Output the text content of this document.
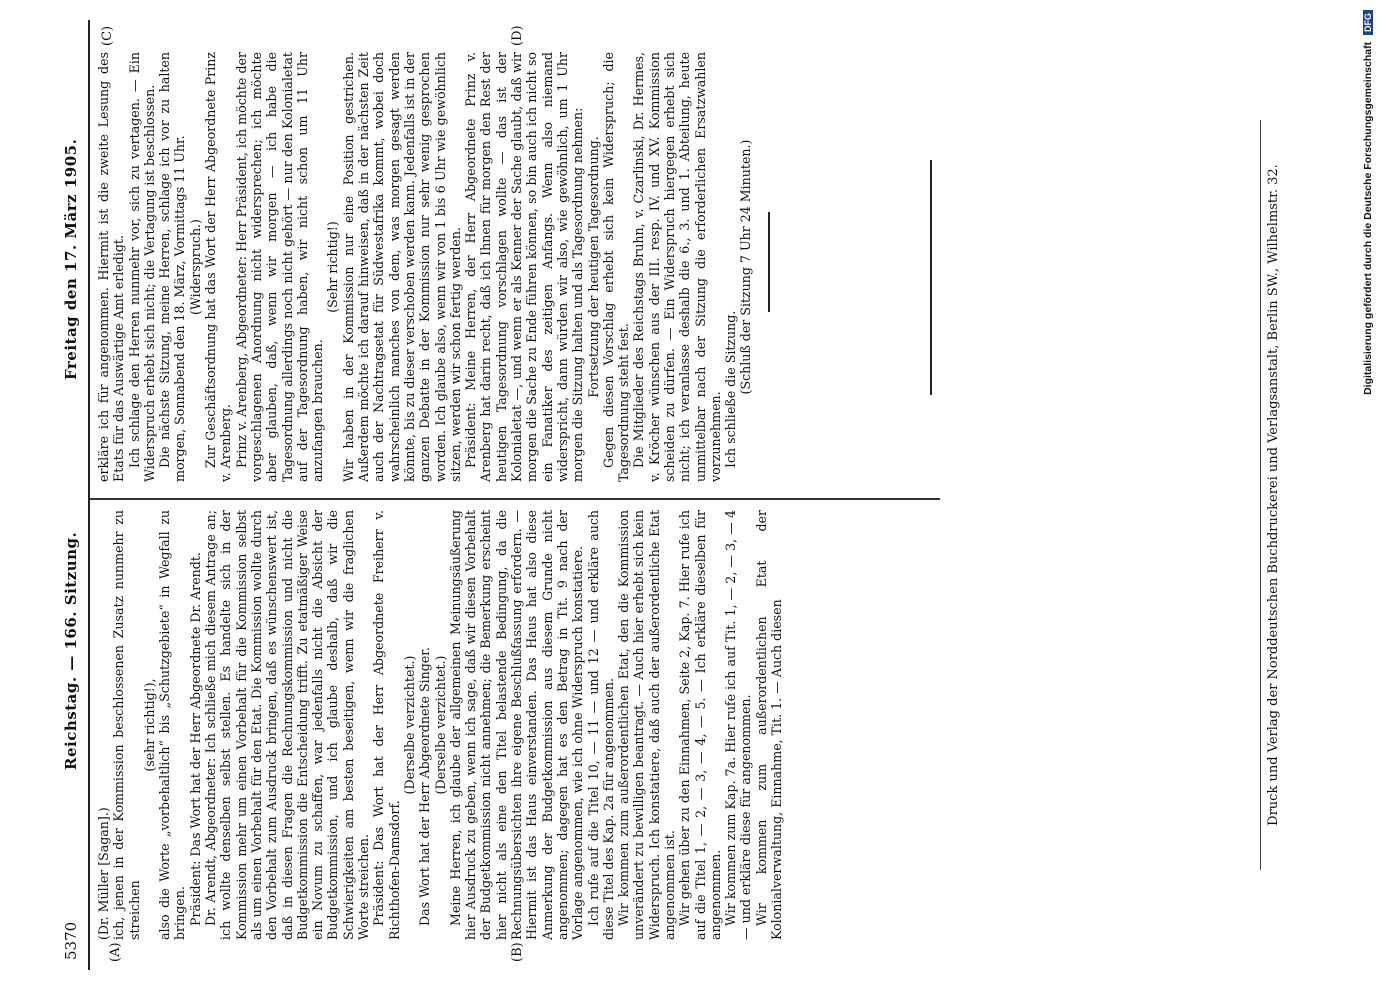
5370
Reichstag. — 166. Sitzung.
Freitag den 17. März 1905.
(A)	(B)
(C)	(D)

(Dr. Müller [Sagan].) ich, jenen in der Kommission beschlossenen Zusatz nunmehr zu streichen

(sehr richtig!), also die Worte „vorbehaltlich“ bis „Schutzgebiete“ in Wegfall zu bringen. Präsident: Das Wort hat der Herr Abgeordnete Dr. Arendt. Dr. Arendt, Abgeordneter: Ich schließe mich diesem Antrage an; ich wollte denselben selbst stellen. Es handelte sich in der Kommission mehr um einen Vorbehalt für die Kommission selbst als um einen Vorbehalt für den Etat. Die Kommission wollte durch den Vorbehalt zum Ausdruck bringen, daß es wünschenswert ist, daß in diesen Fragen die Rechnungskommission und nicht die Budgetkommission die Entscheidung trifft. Zu etatmäßiger Weise ein Novum zu schaffen, war jedenfalls nicht die Absicht der Budgetkommission, und ich glaube deshalb, daß wir die Schwierigkeiten am besten beseitigen, wenn wir die fraglichen Worte streichen. Präsident: Das Wort hat der Herr Abgeordnete Freiherr v. Richthofen-Damsdorf.

(Derselbe verzichtet.) Das Wort hat der Herr Abgeordnete Singer. (Derselbe verzichtet.) Meine Herren, ich glaube der allgemeinen Meinungsäußerung hier Ausdruck zu geben, wenn ich sage, daß wir diesen Vorbehalt der Budgetkommission nicht annehmen; die Bemerkung erscheint hier nicht als eine den Titel belastende Bedingung, da die Rechnungsübersichten ihre eigene Beschlußfassung erfordern. — Hiermit ist das Haus einverstanden. Das Haus hat also diese Anmerkung der Budgetkommission aus diesem Grunde nicht angenommen; dagegen hat es den Betrag in Tit. 9 nach der Vorlage angenommen, wie ich ohne Widerspruch konstatiere. Ich rufe auf die Titel 10, — 11 — und 12 — und erkläre auch diese Titel des Kap. 2a für angenommen. Wir kommen zum außerordentlichen Etat, den die Kommission unverändert zu bewilligen beantragt. — Auch hier erhebt sich kein Widerspruch. Ich konstatiere, daß auch der außerordentliche Etat angenommen ist. Wir gehen über zu den Einnahmen, Seite 2, Kap. 7. Hier rufe ich auf die Titel 1, — 2, — 3, — 4, — 5. — Ich erkläre dieselben für angenommen. Wir kommen zum Kap. 7a. Hier rufe ich auf Tit. 1, — 2, — 3, — 4 — und erkläre diese für angenommen. Wir kommen zum außerordentlichen Etat der Kolonialverwaltung, Einnahme, Tit. 1. — Auch diesen

erkläre ich für angenommen. Hiermit ist die zweite Lesung des Etats für das Auswärtige Amt erledigt. Ich schlage den Herren nunmehr vor, sich zu vertagen. — Ein Widerspruch erhebt sich nicht; die Vertagung ist beschlossen. Die nächste Sitzung, meine Herren, schlage ich vor zu halten morgen, Sonnabend den 18. März, Vormittags 11 Uhr. (Widerspruch.) Zur Geschäftsordnung hat das Wort der Herr Abgeordnete Prinz v. Arenberg. Prinz v. Arenberg, Abgeordneter: Herr Präsident, ich möchte der vorgeschlagenen Anordnung nicht widersprechen; ich möchte aber glauben, daß, wenn wir morgen — ich habe die Tagesordnung allerdings noch nicht gehört — nur den Kolonialetat auf der Tagesordnung haben, wir nicht schon um 11 Uhr anzufangen brauchen.

(Sehr richtig!) Wir haben in der Kommission nur eine Position gestrichen. Außerdem möchte ich darauf hinweisen, daß in der nächsten Zeit auch der Nachtragsetat für Südwestafrika kommt, wobei doch wahrscheinlich manches von dem, was morgen gesagt werden könnte, bis zu dieser verschoben werden kann. Jedenfalls ist in der ganzen Debatte in der Kommission nur sehr wenig gesprochen worden. Ich glaube also, wenn wir von 1 bis 6 Uhr wie gewöhnlich sitzen, werden wir schon fertig werden. Präsident: Meine Herren, der Herr Abgeordnete Prinz v. Arenberg hat darin recht, daß ich Ihnen für morgen den Rest der heutigen Tagesordnung vorschlagen wollte — das ist der Kolonialetat —, und wenn er als Kenner der Sache glaubt, daß wir morgen die Sache zu Ende führen können, so bin auch ich nicht so ein Fanatiker des zeitigen Anfangs. Wenn also niemand widerspricht, dann würden wir also, wie gewöhnlich, um 1 Uhr morgen die Sitzung halten und als Tagesordnung nehmen: Fortsetzung der heutigen Tagesordnung. Gegen diesen Vorschlag erhebt sich kein Widerspruch; die Tagesordnung steht fest. Die Mitglieder des Reichstags Bruhn, v. Czarlinski, Dr. Hermes, v. Kröcher wünschen aus der III. resp. IV. und XV. Kommission scheiden zu dürfen. — Ein Widerspruch hiergegen erhebt sich nicht; ich veranlasse deshalb die 6., 3. und 1. Abteilung, heute unmittelbar nach der Sitzung die erforderlichen Ersatzwahlen vorzunehmen. Ich schließe die Sitzung. (Schluß der Sitzung 7 Uhr 24 Minuten.)	Druck und Verlag der Norddeutschen Buchdruckerei und Verlagsanstalt, Berlin SW., Wilhelmstr. 32.	Digitalisierung gefördert durch die Deutsche Forschungsgemeinschaft DFG
